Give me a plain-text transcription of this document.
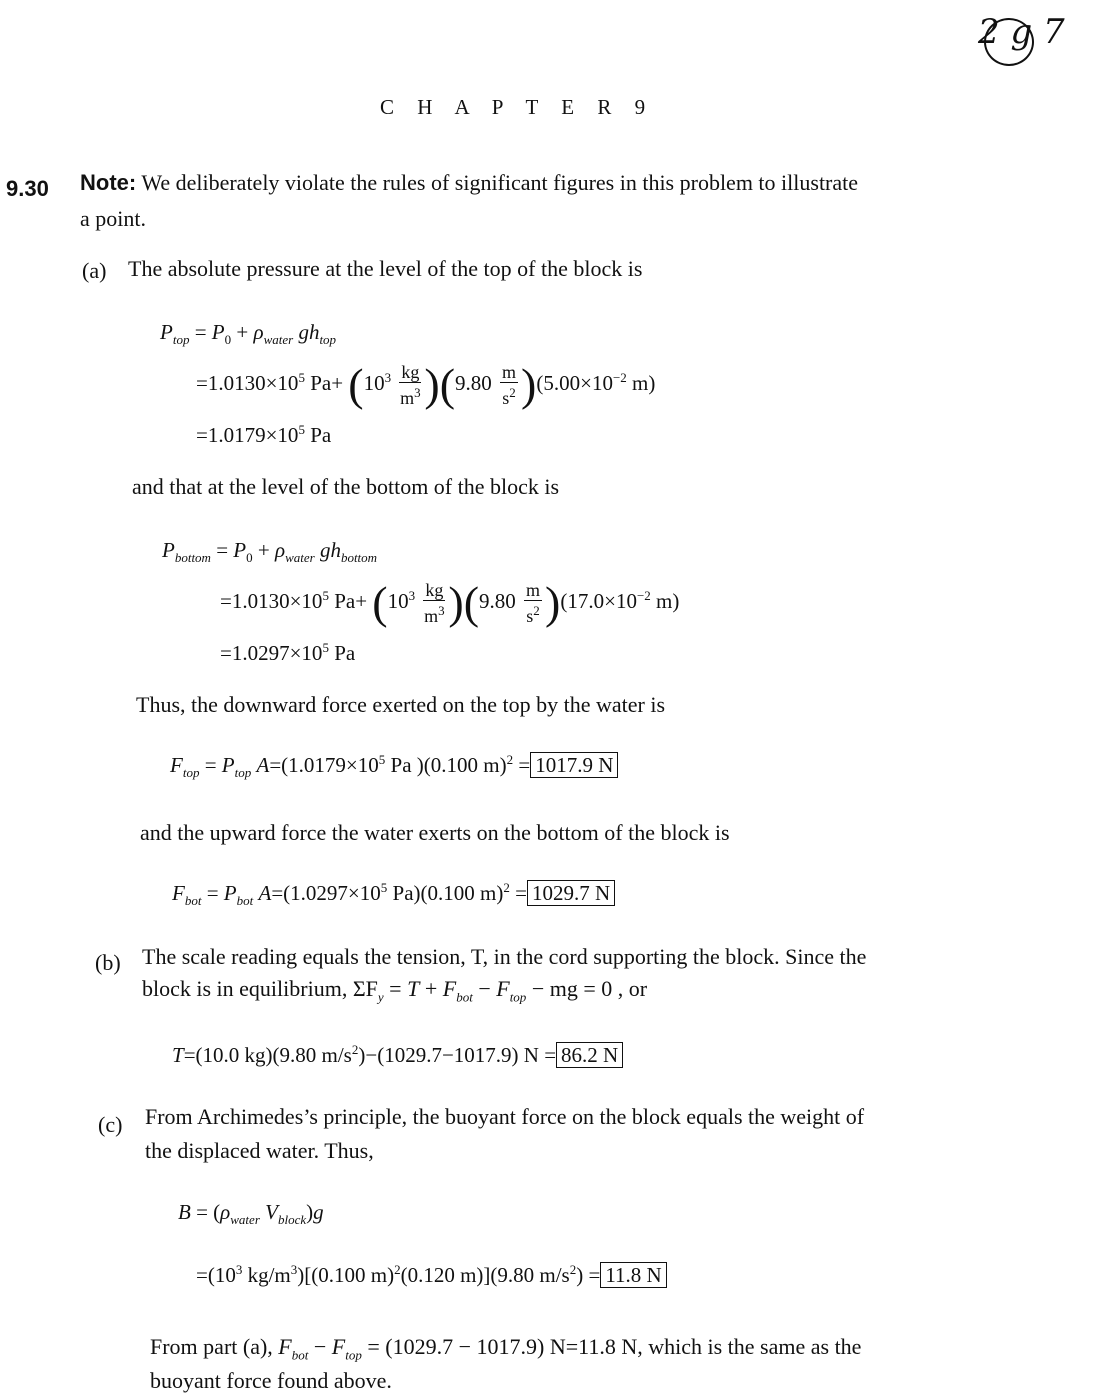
2 g 7
C H A P T E R 9
9.30 Note: We deliberately violate the rules of significant figures in this problem to illustrate
a point.
(a) The absolute pressure at the level of the top of the block is
$P_{top} = P_0 + \rho_{water}$ $gh_{top}$
$=1.0130\times 10^5$ $Pa+ (10^3 \frac{kg}{m^3} )(9.80 \frac{m}{s^2} )(5.00\times 10^{-2}$ m)
$=1.0179\times 10^5$ Pa
and that at the level of the bottom of the block is
$P_{bottom} = P_0 + \rho_{water}$ $gh_{bottom}$
$=1.0130\times 10^5$ $Pa+ (10^3 \frac{kg}{m^3} )(9.80 \frac{m}{s^2} )(17.0\times 10^{-2}$ m)
$=1.0297\times 10^5$ Pa
Thus, the downward force exerted on the top by the water is
$F_{top} = P_{top}$ $A=(1.0179\times 10^5$ Pa )(0.100 m)$^2$ = 1017.9 N
and the upward force the water exerts on the bottom of the block is
$F_{bot} = P_{bot}$ $A=(1.0297\times 10^5$ Pa)(0.100 m)$^2$ = 1029.7 N
(b) The scale reading equals the tension, T, in the cord supporting the block. Since the
block is in equilibrium, $\Sigma F_y = T + F_{bot} - F_{top}$ − mg = 0 , or
T=(10.0 kg)(9.80 $m/s^2)-(1029.7-1017.9)$ N = 86.2 N
(c) From Archimedes’s principle, the buoyant force on the block equals the weight of
the displaced water. Thus,
$B = (\rho_{water}$ $V_{block})g$
$=(10^3$ $kg/m^3)[(0.100$ m)$^2$(0.120 m)](9.80 $m/s^2) = 11.8$ N
From part (a), $F_{bot} - F_{top} = (1029.7 - 1017.9)$ N=11.8 N, which is the same as the
buoyant force found above.
